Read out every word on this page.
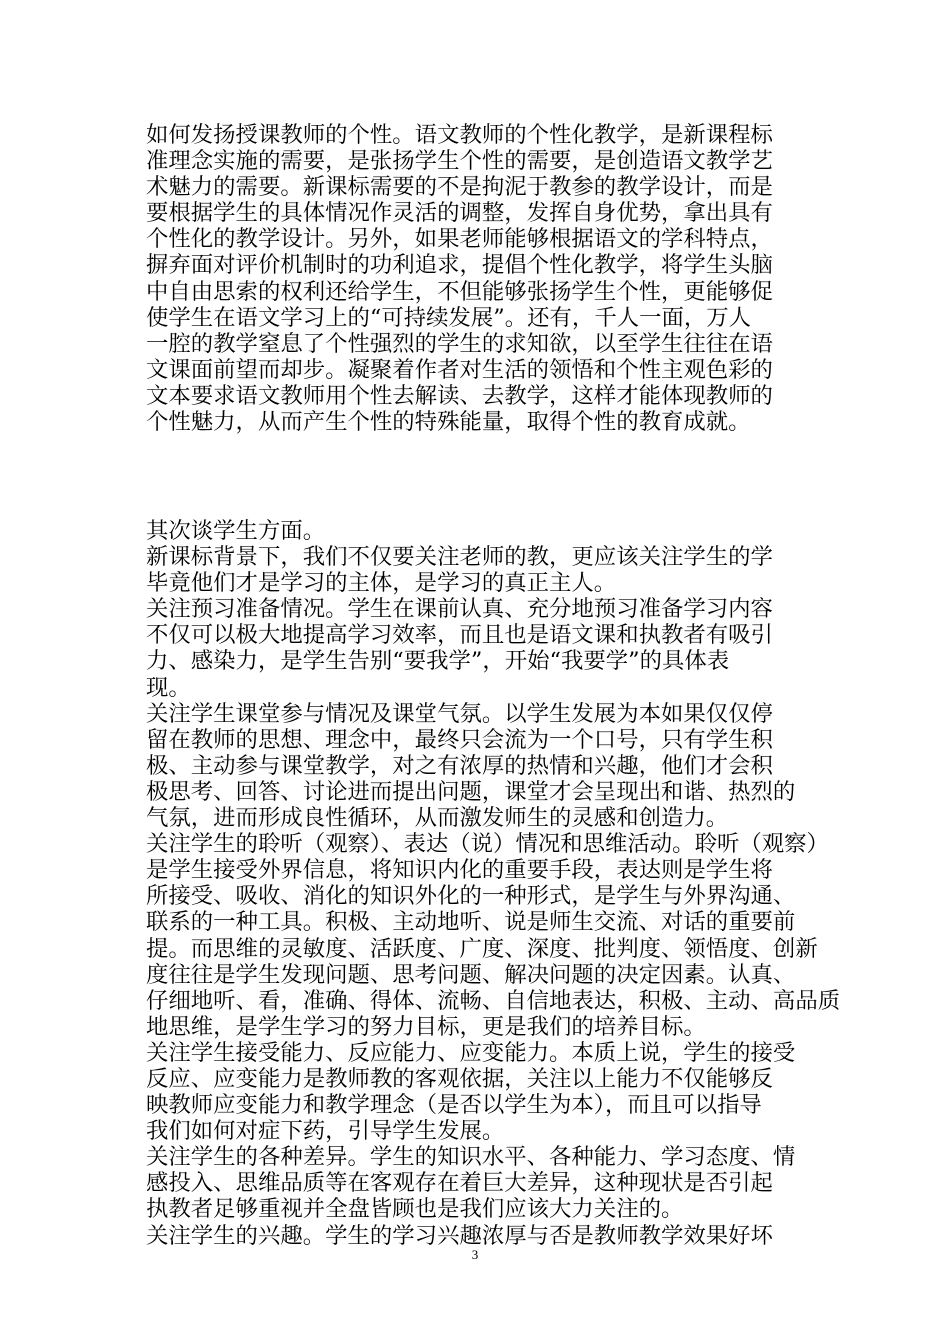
如何发扬授课教师的个性。语文教师的个性化教学，是新课程标
准理念实施的需要，是张扬学生个性的需要，是创造语文教学艺
术魅力的需要。新课标需要的不是拘泥于教参的教学设计，而是
要根据学生的具体情况作灵活的调整，发挥自身优势，拿出具有
个性化的教学设计。另外，如果老师能够根据语文的学科特点，
摒弃面对评价机制时的功利追求，提倡个性化教学，将学生头脑
中自由思索的权利还给学生，不但能够张扬学生个性，更能够促
使学生在语文学习上的“可持续发展”。还有，千人一面，万人
一腔的教学窒息了个性强烈的学生的求知欲，以至学生往往在语
文课面前望而却步。凝聚着作者对生活的领悟和个性主观色彩的
文本要求语文教师用个性去解读、去教学，这样才能体现教师的
个性魅力，从而产生个性的特殊能量，取得个性的教育成就。
其次谈学生方面。
新课标背景下，我们不仅要关注老师的教，更应该关注学生的学
毕竟他们才是学习的主体，是学习的真正主人。
关注预习准备情况。学生在课前认真、充分地预习准备学习内容
不仅可以极大地提高学习效率，而且也是语文课和执教者有吸引
力、感染力，是学生告别“要我学”，开始“我要学”的具体表
现。
关注学生课堂参与情况及课堂气氛。以学生发展为本如果仅仅停
留在教师的思想、理念中，最终只会流为一个口号，只有学生积
极、主动参与课堂教学，对之有浓厚的热情和兴趣，他们才会积
极思考、回答、讨论进而提出问题，课堂才会呈现出和谐、热烈的
气氛，进而形成良性循环，从而激发师生的灵感和创造力。
关注学生的聆听（观察）、表达（说）情况和思维活动。聆听（观察）
是学生接受外界信息，将知识内化的重要手段，表达则是学生将
所接受、吸收、消化的知识外化的一种形式，是学生与外界沟通、
联系的一种工具。积极、主动地听、说是师生交流、对话的重要前
提。而思维的灵敏度、活跃度、广度、深度、批判度、领悟度、创新
度往往是学生发现问题、思考问题、解决问题的决定因素。认真、
仔细地听、看，准确、得体、流畅、自信地表达，积极、主动、高品质
地思维，是学生学习的努力目标，更是我们的培养目标。
关注学生接受能力、反应能力、应变能力。本质上说，学生的接受
反应、应变能力是教师教的客观依据，关注以上能力不仅能够反
映教师应变能力和教学理念（是否以学生为本），而且可以指导
我们如何对症下药，引导学生发展。
关注学生的各种差异。学生的知识水平、各种能力、学习态度、情
感投入、思维品质等在客观存在着巨大差异，这种现状是否引起
执教者足够重视并全盘皆顾也是我们应该大力关注的。
关注学生的兴趣。学生的学习兴趣浓厚与否是教师教学效果好坏
3
